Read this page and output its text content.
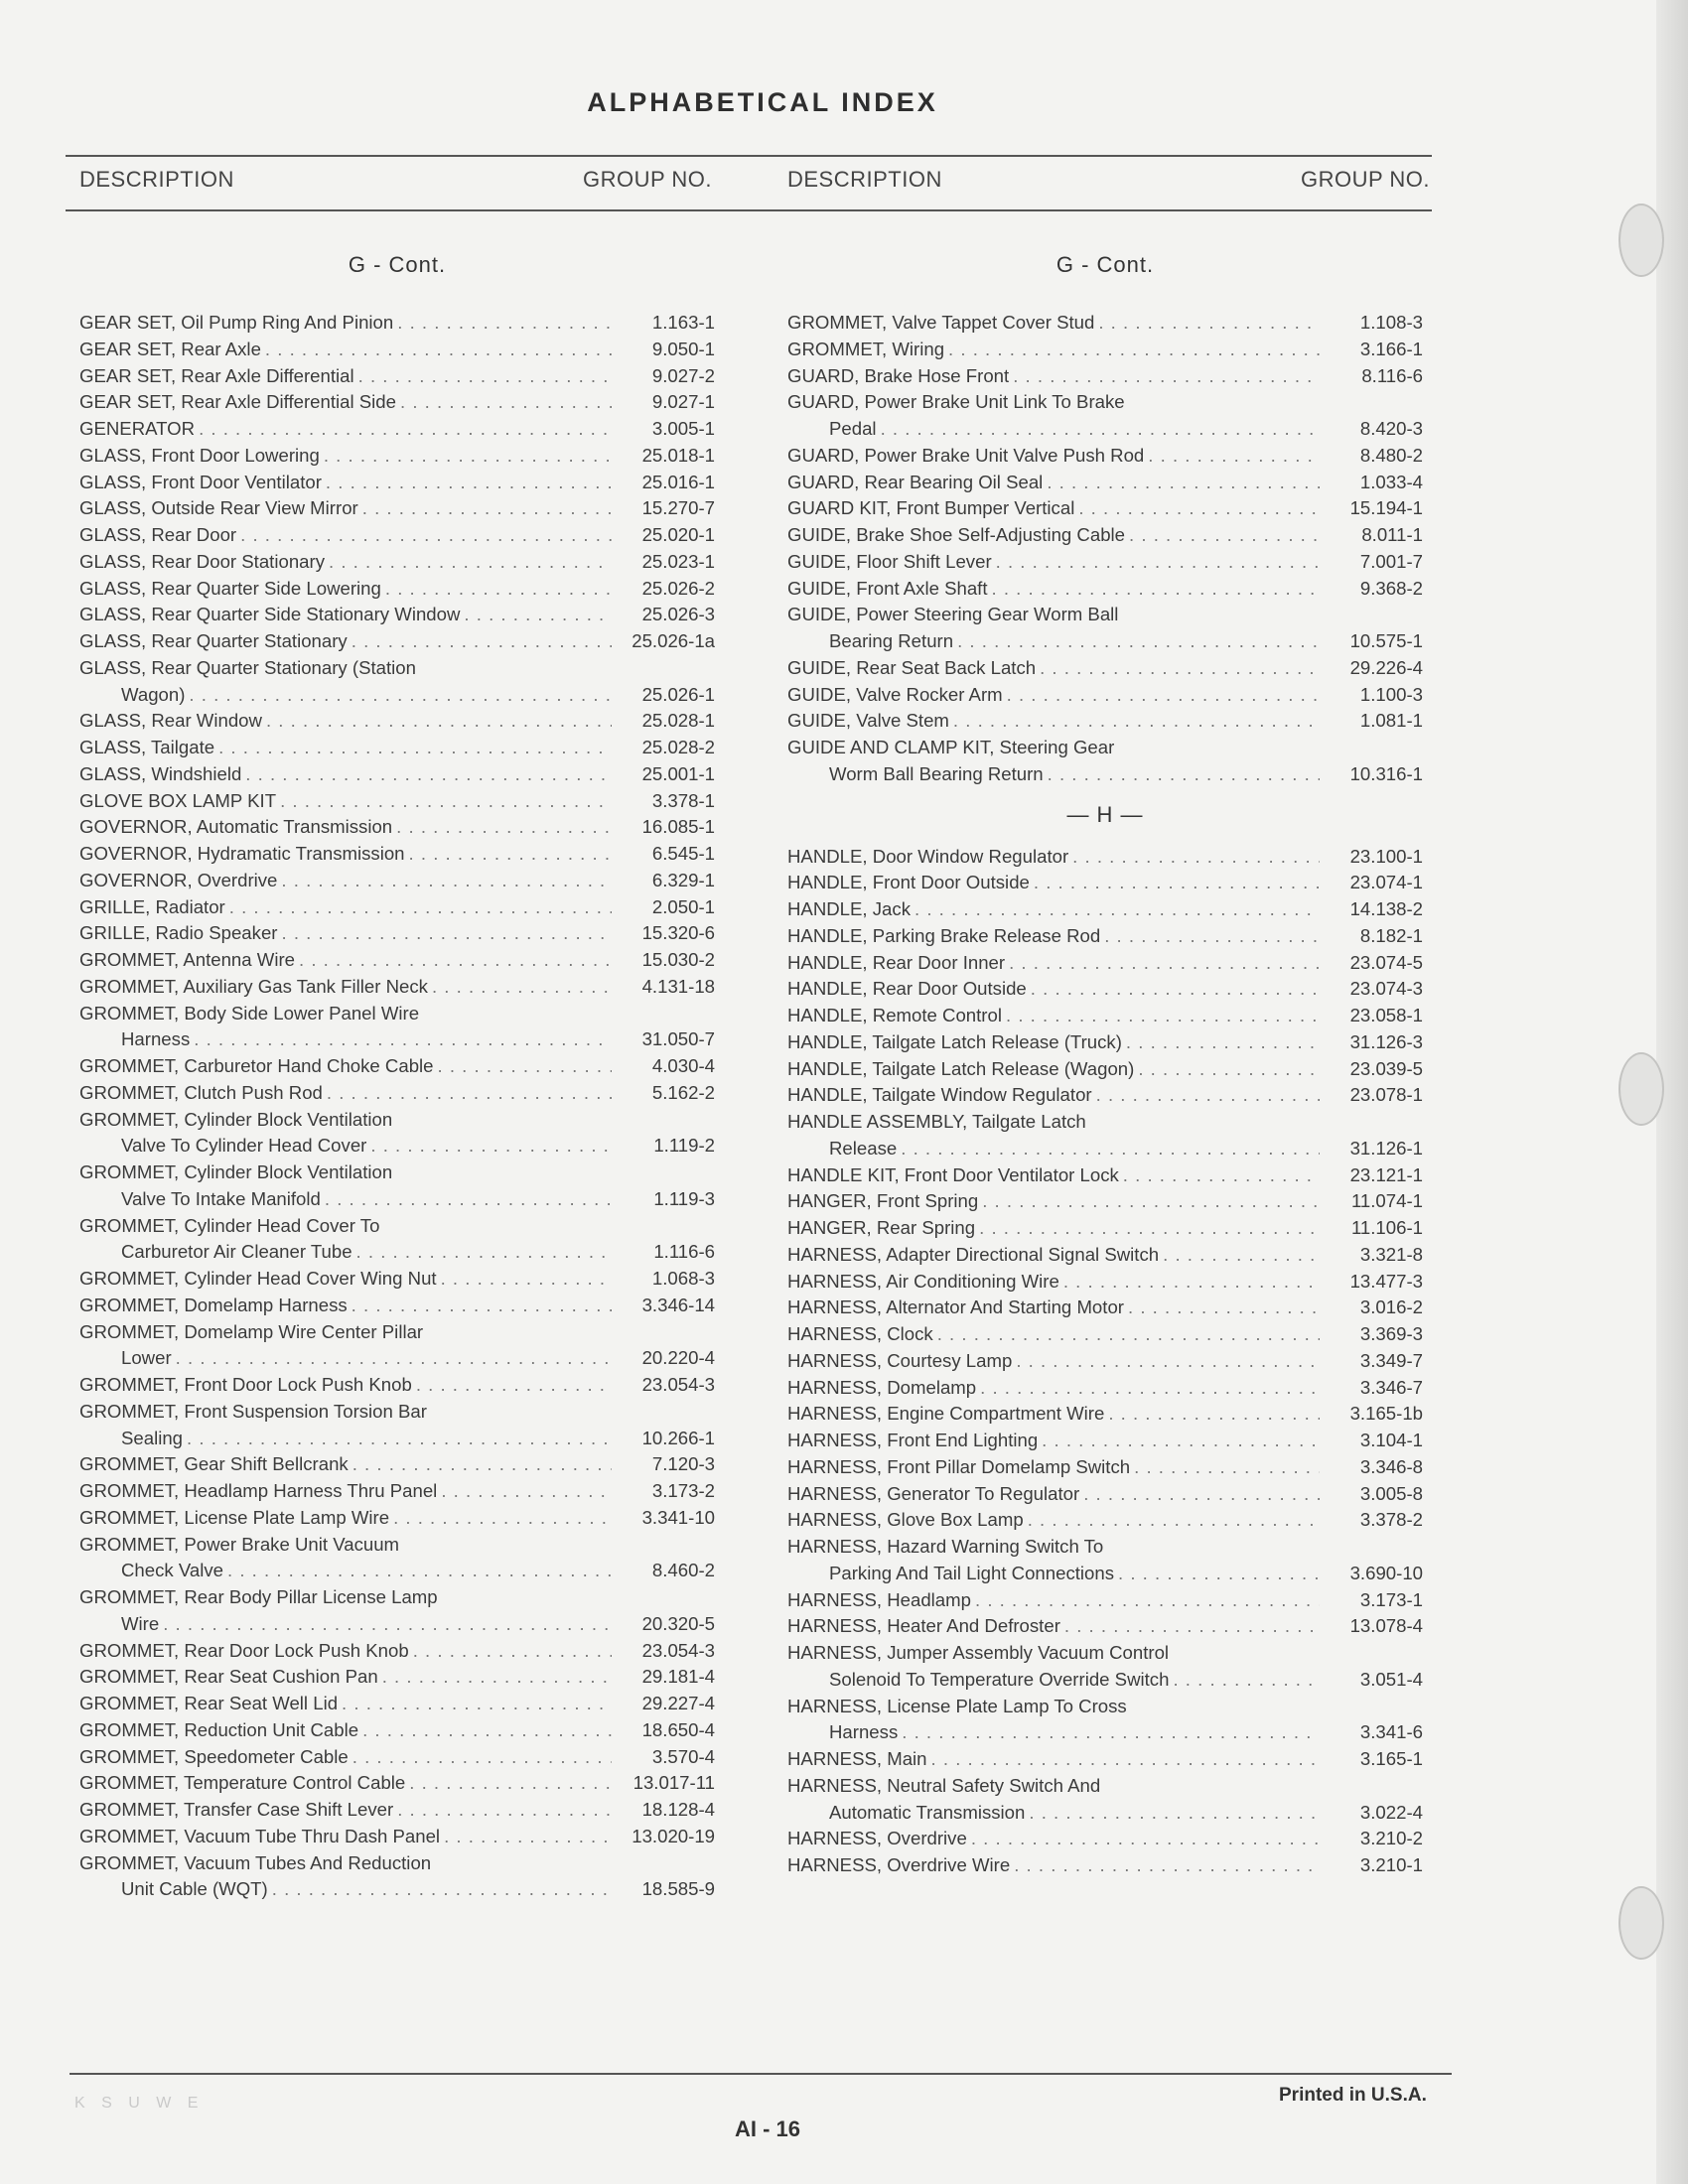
ALPHABETICAL INDEX
DESCRIPTION	GROUP NO.	DESCRIPTION	GROUP NO.
G - Cont.
GEAR SET, Oil Pump Ring And Pinion . . .	1.163-1
GEAR SET, Rear Axle . . .	9.050-1
GEAR SET, Rear Axle Differential . . .	9.027-2
GEAR SET, Rear Axle Differential Side . . .	9.027-1
GENERATOR . . .	3.005-1
GLASS, Front Door Lowering . . .	25.018-1
GLASS, Front Door Ventilator . . .	25.016-1
GLASS, Outside Rear View Mirror . . .	15.270-7
GLASS, Rear Door . . .	25.020-1
GLASS, Rear Door Stationary . . .	25.023-1
GLASS, Rear Quarter Side Lowering . . .	25.026-2
GLASS, Rear Quarter Side Stationary Window . . .	25.026-3
GLASS, Rear Quarter Stationary . . .	25.026-1a
GLASS, Rear Quarter Stationary (Station
Wagon) . . .	25.026-1
GLASS, Rear Window . . .	25.028-1
GLASS, Tailgate . . .	25.028-2
GLASS, Windshield . . .	25.001-1
GLOVE BOX LAMP KIT . . .	3.378-1
GOVERNOR, Automatic Transmission . . .	16.085-1
GOVERNOR, Hydramatic Transmission . . .	6.545-1
GOVERNOR, Overdrive . . .	6.329-1
GRILLE, Radiator . . .	2.050-1
GRILLE, Radio Speaker . . .	15.320-6
GROMMET, Antenna Wire . . .	15.030-2
GROMMET, Auxiliary Gas Tank Filler Neck . . .	4.131-18
GROMMET, Body Side Lower Panel Wire
Harness . . .	31.050-7
GROMMET, Carburetor Hand Choke Cable . . .	4.030-4
GROMMET, Clutch Push Rod . . .	5.162-2
GROMMET, Cylinder Block Ventilation
Valve To Cylinder Head Cover . . .	1.119-2
GROMMET, Cylinder Block Ventilation
Valve To Intake Manifold . . .	1.119-3
GROMMET, Cylinder Head Cover To
Carburetor Air Cleaner Tube . . .	1.116-6
GROMMET, Cylinder Head Cover Wing Nut . . .	1.068-3
GROMMET, Domelamp Harness . . .	3.346-14
GROMMET, Domelamp Wire Center Pillar
Lower . . .	20.220-4
GROMMET, Front Door Lock Push Knob . . .	23.054-3
GROMMET, Front Suspension Torsion Bar
Sealing . . .	10.266-1
GROMMET, Gear Shift Bellcrank . . .	7.120-3
GROMMET, Headlamp Harness Thru Panel . . .	3.173-2
GROMMET, License Plate Lamp Wire . . .	3.341-10
GROMMET, Power Brake Unit Vacuum
Check Valve . . .	8.460-2
GROMMET, Rear Body Pillar License Lamp
Wire . . .	20.320-5
GROMMET, Rear Door Lock Push Knob . . .	23.054-3
GROMMET, Rear Seat Cushion Pan . . .	29.181-4
GROMMET, Rear Seat Well Lid . . .	29.227-4
GROMMET, Reduction Unit Cable . . .	18.650-4
GROMMET, Speedometer Cable . . .	3.570-4
GROMMET, Temperature Control Cable . . .	13.017-11
GROMMET, Transfer Case Shift Lever . . .	18.128-4
GROMMET, Vacuum Tube Thru Dash Panel . . .	13.020-19
GROMMET, Vacuum Tubes And Reduction
Unit Cable (WQT) . . .	18.585-9
G - Cont.
GROMMET, Valve Tappet Cover Stud . . .	1.108-3
GROMMET, Wiring . . .	3.166-1
GUARD, Brake Hose Front . . .	8.116-6
GUARD, Power Brake Unit Link To Brake
Pedal . . .	8.420-3
GUARD, Power Brake Unit Valve Push Rod . . .	8.480-2
GUARD, Rear Bearing Oil Seal . . .	1.033-4
GUARD KIT, Front Bumper Vertical . . .	15.194-1
GUIDE, Brake Shoe Self-Adjusting Cable . . .	8.011-1
GUIDE, Floor Shift Lever . . .	7.001-7
GUIDE, Front Axle Shaft . . .	9.368-2
GUIDE, Power Steering Gear Worm Ball
Bearing Return . . .	10.575-1
GUIDE, Rear Seat Back Latch . . .	29.226-4
GUIDE, Valve Rocker Arm . . .	1.100-3
GUIDE, Valve Stem . . .	1.081-1
GUIDE AND CLAMP KIT, Steering Gear
Worm Ball Bearing Return . . .	10.316-1
— H —
HANDLE, Door Window Regulator . . .	23.100-1
HANDLE, Front Door Outside . . .	23.074-1
HANDLE, Jack . . .	14.138-2
HANDLE, Parking Brake Release Rod . . .	8.182-1
HANDLE, Rear Door Inner . . .	23.074-5
HANDLE, Rear Door Outside . . .	23.074-3
HANDLE, Remote Control . . .	23.058-1
HANDLE, Tailgate Latch Release (Truck) . . .	31.126-3
HANDLE, Tailgate Latch Release (Wagon) . . .	23.039-5
HANDLE, Tailgate Window Regulator . . .	23.078-1
HANDLE ASSEMBLY, Tailgate Latch
Release . . .	31.126-1
HANDLE KIT, Front Door Ventilator Lock . . .	23.121-1
HANGER, Front Spring . . .	11.074-1
HANGER, Rear Spring . . .	11.106-1
HARNESS, Adapter Directional Signal Switch . . .	3.321-8
HARNESS, Air Conditioning Wire . . .	13.477-3
HARNESS, Alternator And Starting Motor . . .	3.016-2
HARNESS, Clock . . .	3.369-3
HARNESS, Courtesy Lamp . . .	3.349-7
HARNESS, Domelamp . . .	3.346-7
HARNESS, Engine Compartment Wire . . .	3.165-1b
HARNESS, Front End Lighting . . .	3.104-1
HARNESS, Front Pillar Domelamp Switch . . .	3.346-8
HARNESS, Generator To Regulator . . .	3.005-8
HARNESS, Glove Box Lamp . . .	3.378-2
HARNESS, Hazard Warning Switch To
Parking And Tail Light Connections . . .	3.690-10
HARNESS, Headlamp . . .	3.173-1
HARNESS, Heater And Defroster . . .	13.078-4
HARNESS, Jumper Assembly Vacuum Control
Solenoid To Temperature Override Switch . . .	3.051-4
HARNESS, License Plate Lamp To Cross
Harness . . .	3.341-6
HARNESS, Main . . .	3.165-1
HARNESS, Neutral Safety Switch And
Automatic Transmission . . .	3.022-4
HARNESS, Overdrive . . .	3.210-2
HARNESS, Overdrive Wire . . .	3.210-1
K S U W E
AI - 16
Printed in U.S.A.
